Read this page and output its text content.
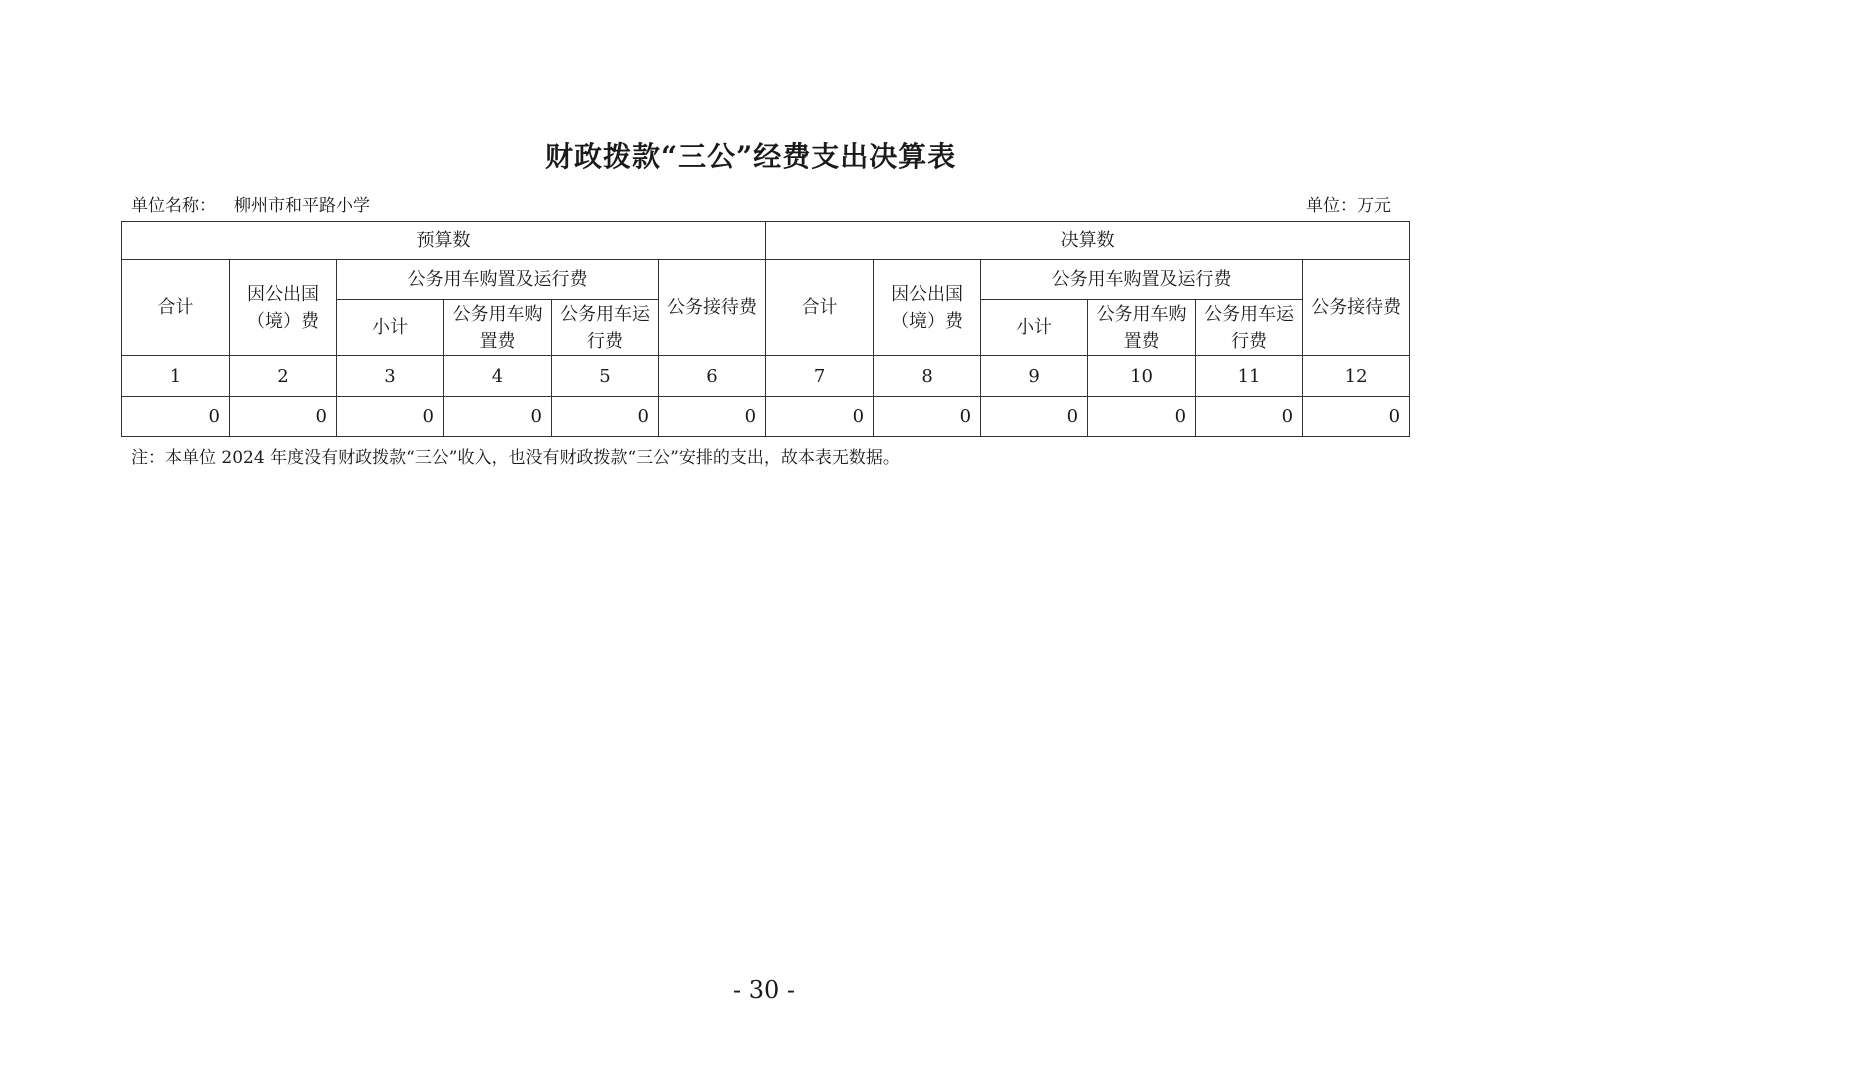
财政拨款“三公”经费支出决算表
单位名称： 柳州市和平路小学	单位：万元
预算数						决算数					
合计	因公出国（境）费	公务用车购置及运行费			公务接待费	合计	因公出国（境）费	公务用车购置及运行费			公务接待费
		小计	公务用车购置费	公务用车运行费				小计	公务用车购置费	公务用车运行费	
1	2	3	4	5	6	7	8	9	10	11	12
0	0	0	0	0	0	0	0	0	0	0	0
注：本单位 2024 年度没有财政拨款“三公”收入，也没有财政拨款“三公”安排的支出，故本表无数据。
- 30 -
